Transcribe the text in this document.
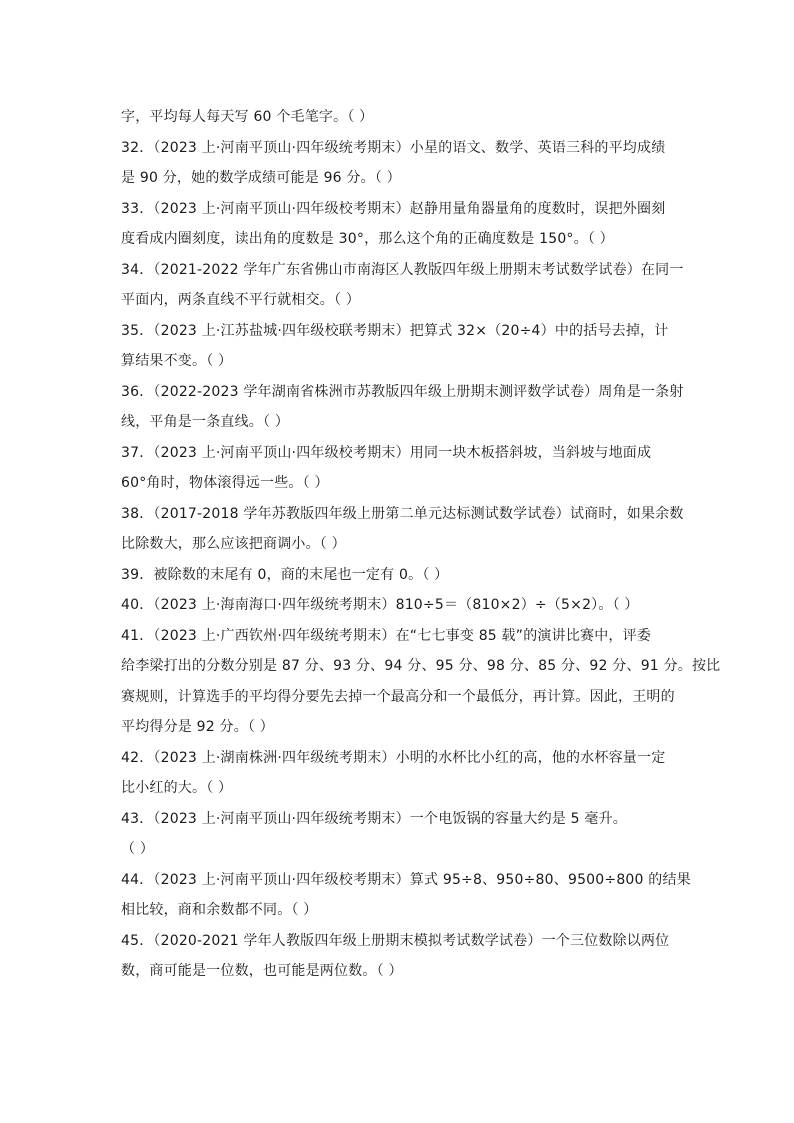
字，平均每人每天写 60 个毛笔字。（ ）
32．（2023 上·河南平顶山·四年级统考期末）小星的语文、数学、英语三科的平均成绩
是 90 分，她的数学成绩可能是 96 分。（ ）
33．（2023 上·河南平顶山·四年级校考期末）赵静用量角器量角的度数时，误把外圈刻
度看成内圈刻度，读出角的度数是 30°，那么这个角的正确度数是 150°。（ ）
34．（2021-2022 学年广东省佛山市南海区人教版四年级上册期末考试数学试卷）在同一
平面内，两条直线不平行就相交。（ ）
35．（2023 上·江苏盐城·四年级校联考期末）把算式 32×（20÷4）中的括号去掉，计
算结果不变。（ ）
36．（2022-2023 学年湖南省株洲市苏教版四年级上册期末测评数学试卷）周角是一条射
线，平角是一条直线。（ ）
37．（2023 上·河南平顶山·四年级校考期末）用同一块木板搭斜坡，当斜坡与地面成
60°角时，物体滚得远一些。（ ）
38．（2017-2018 学年苏教版四年级上册第二单元达标测试数学试卷）试商时，如果余数
比除数大，那么应该把商调小。（ ）
39．被除数的末尾有 0，商的末尾也一定有 0。（ ）
40．（2023 上·海南海口·四年级统考期末）810÷5＝（810×2）÷（5×2）。（ ）
41．（2023 上·广西钦州·四年级统考期末）在“七七事变 85 载”的演讲比赛中，评委
给李梁打出的分数分别是 87 分、93 分、94 分、95 分、98 分、85 分、92 分、91 分。按比
赛规则，计算选手的平均得分要先去掉一个最高分和一个最低分，再计算。因此，王明的
平均得分是 92 分。（ ）
42．（2023 上·湖南株洲·四年级统考期末）小明的水杯比小红的高，他的水杯容量一定
比小红的大。（ ）
43．（2023 上·河南平顶山·四年级统考期末）一个电饭锅的容量大约是 5 毫升。
（ ）
44．（2023 上·河南平顶山·四年级校考期末）算式 95÷8、950÷80、9500÷800 的结果
相比较，商和余数都不同。（ ）
45．（2020-2021 学年人教版四年级上册期末模拟考试数学试卷）一个三位数除以两位
数，商可能是一位数，也可能是两位数。（ ）
